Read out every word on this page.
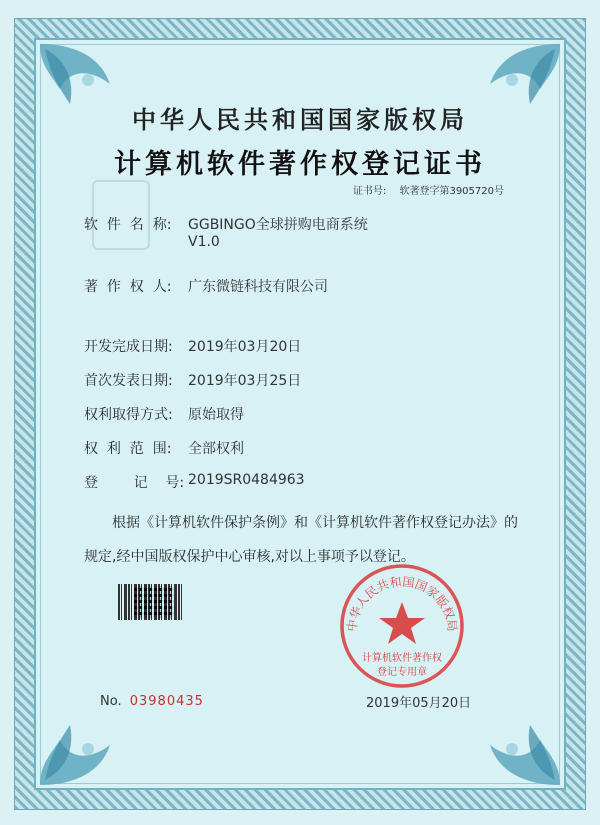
中华人民共和国国家版权局
计算机软件著作权登记证书
证书号: 软著登字第3905720号
软  件  名  称:	GGBINGO全球拼购电商系统
V1.0
著  作  权  人:	广东微链科技有限公司
开发完成日期:	2019年03月20日
首次发表日期:	2019年03月25日
权利取得方式:	原始取得
权  利  范  围:	全部权利
登        记    号: 2019SR0484963
根据《计算机软件保护条例》和《计算机软件著作权登记办法》的
规定,经中国版权保护中心审核,对以上事项予以登记。
中华人民共和国国家版权局
计算机软件著作权
登记专用章
No. 03980435	2019年05月20日
